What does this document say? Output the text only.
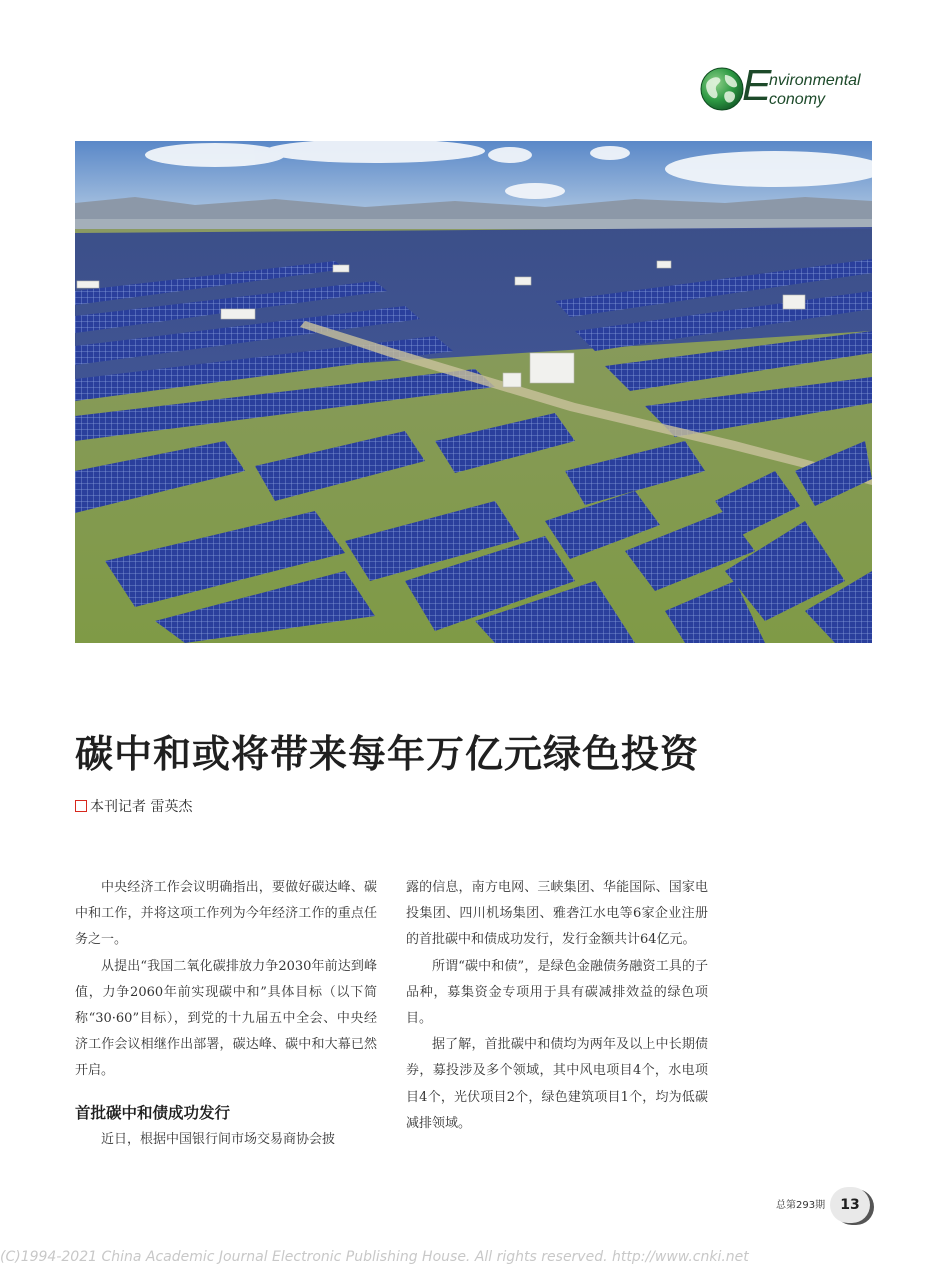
E
nvironmental
conomy
碳中和或将带来每年万亿元绿色投资
本刊记者 雷英杰

中央经济工作会议明确指出，要做好碳达峰、碳中和工作，并将这项工作列为今年经济工作的重点任务之一。

从提出“我国二氧化碳排放力争2030年前达到峰值，力争2060年前实现碳中和”具体目标（以下简称“30·60”目标），到党的十九届五中全会、中央经济工作会议相继作出部署，碳达峰、碳中和大幕已然开启。

首批碳中和债成功发行

近日，根据中国银行间市场交易商协会披

露的信息，南方电网、三峡集团、华能国际、国家电投集团、四川机场集团、雅砻江水电等6家企业注册的首批碳中和债成功发行，发行金额共计64亿元。

所谓“碳中和债”，是绿色金融债务融资工具的子品种，募集资金专项用于具有碳减排效益的绿色项目。

据了解，首批碳中和债均为两年及以上中长期债券，募投涉及多个领域，其中风电项目4个，水电项目4个，光伏项目2个，绿色建筑项目1个，均为低碳减排领域。

总第293期	13
(C)1994-2021 China Academic Journal Electronic Publishing House. All rights reserved. http://www.cnki.net
